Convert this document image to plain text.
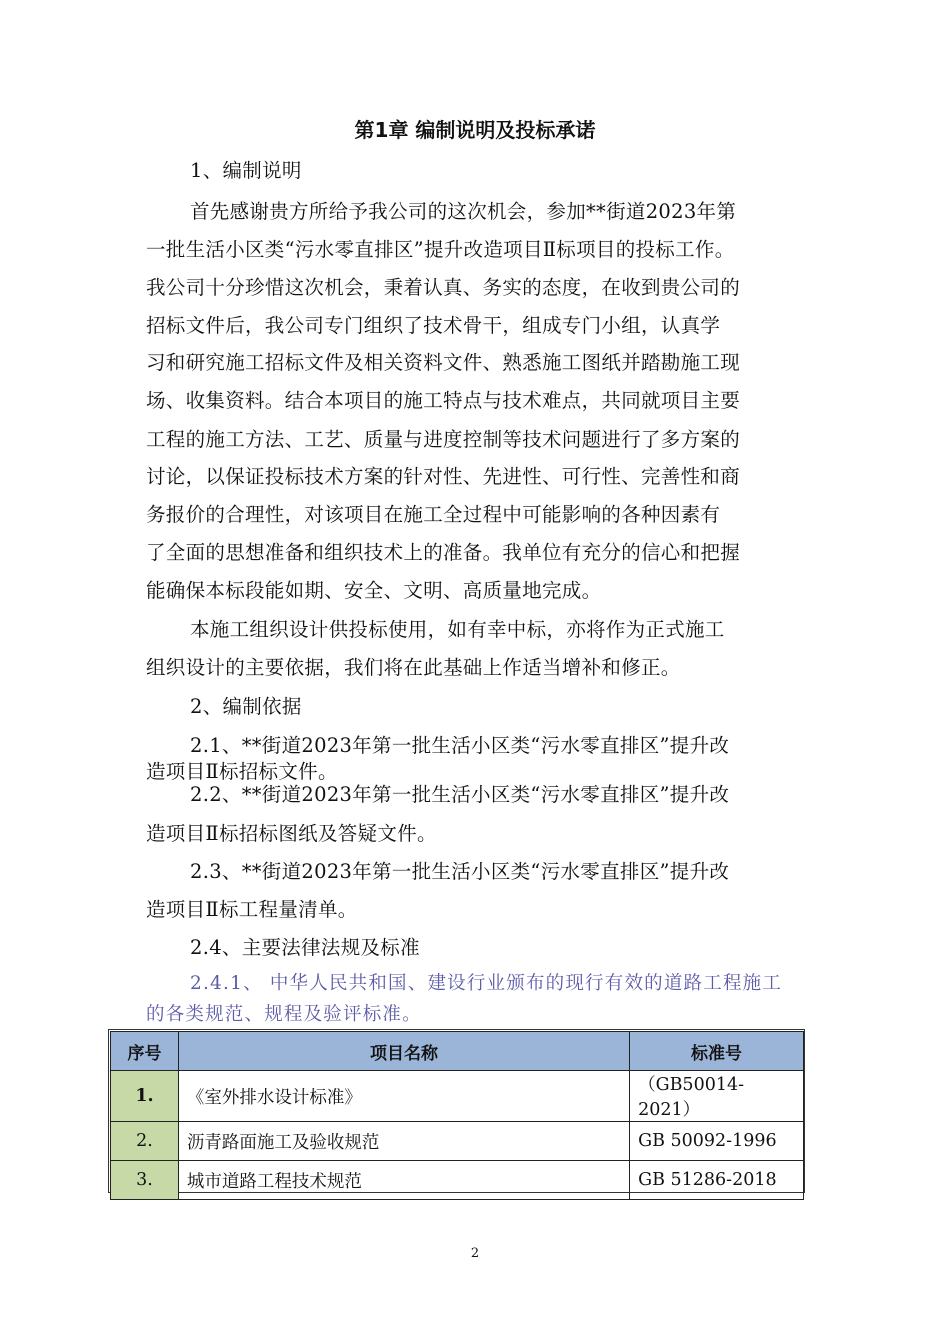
第1章 编制说明及投标承诺
1、编制说明
首先感谢贵方所给予我公司的这次机会，参加**街道2023年第
一批生活小区类“污水零直排区”提升改造项目Ⅱ标项目的投标工作。
我公司十分珍惜这次机会，秉着认真、务实的态度，在收到贵公司的
招标文件后，我公司专门组织了技术骨干，组成专门小组，认真学
习和研究施工招标文件及相关资料文件、熟悉施工图纸并踏勘施工现
场、收集资料。结合本项目的施工特点与技术难点，共同就项目主要
工程的施工方法、工艺、质量与进度控制等技术问题进行了多方案的
讨论，以保证投标技术方案的针对性、先进性、可行性、完善性和商
务报价的合理性，对该项目在施工全过程中可能影响的各种因素有
了全面的思想准备和组织技术上的准备。我单位有充分的信心和把握
能确保本标段能如期、安全、文明、高质量地完成。
本施工组织设计供投标使用，如有幸中标，亦将作为正式施工
组织设计的主要依据，我们将在此基础上作适当增补和修正。
2、编制依据
2.1、**街道2023年第一批生活小区类“污水零直排区”提升改
造项目Ⅱ标招标文件。
2.2、**街道2023年第一批生活小区类“污水零直排区”提升改
造项目Ⅱ标招标图纸及答疑文件。
2.3、**街道2023年第一批生活小区类“污水零直排区”提升改
造项目Ⅱ标工程量清单。
2.4、主要法律法规及标准
2.4.1、 中华人民共和国、建设行业颁布的现行有效的道路工程施工
的各类规范、规程及验评标准。
序号	项目名称	标准号
1.	《室外排水设计标准》	（GB50014-2021）
2.	沥青路面施工及验收规范	GB 50092-1996
3.	城市道路工程技术规范	GB 51286-2018
2
